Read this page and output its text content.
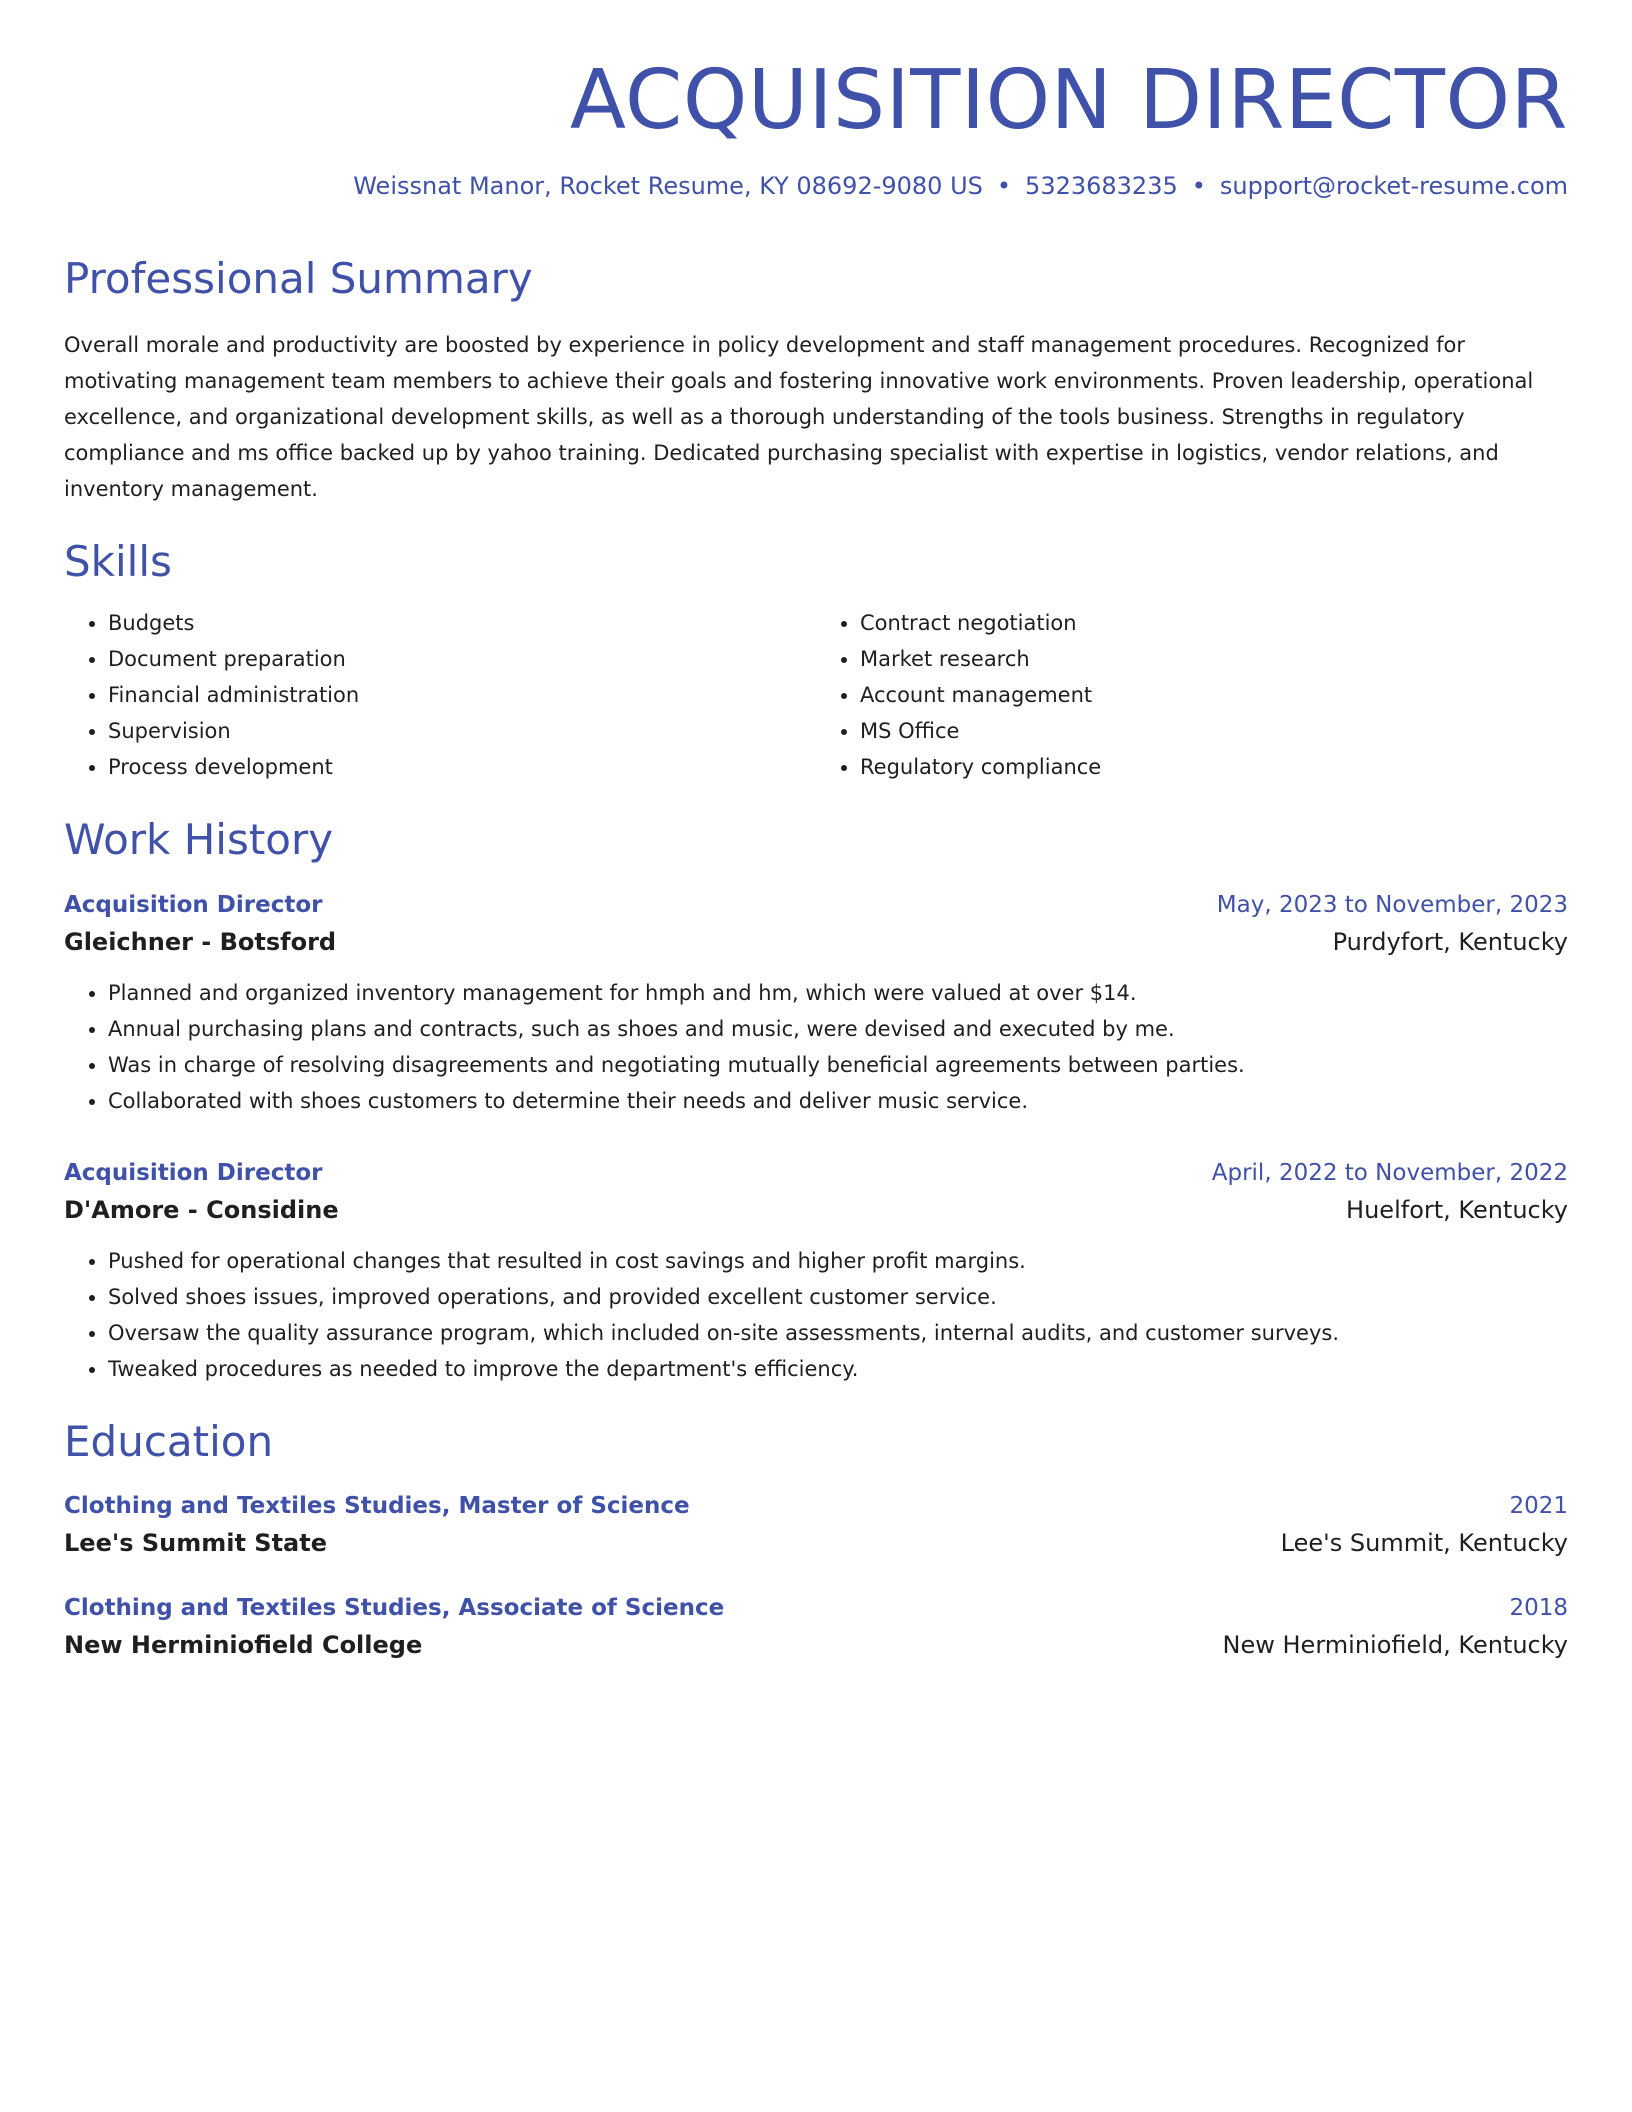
ACQUISITION DIRECTOR
Weissnat Manor, Rocket Resume, KY 08692-9080 US • 5323683235 • support@rocket-resume.com
Professional Summary

Overall morale and productivity are boosted by experience in policy development and staff management procedures. Recognized for motivating management team members to achieve their goals and fostering innovative work environments. Proven leadership, operational excellence, and organizational development skills, as well as a thorough understanding of the tools business. Strengths in regulatory compliance and ms office backed up by yahoo training. Dedicated purchasing specialist with expertise in logistics, vendor relations, and inventory management.

Skills
• Budgets
• Document preparation
• Financial administration
• Supervision
• Process development
• Contract negotiation
• Market research
• Account management
• MS Office
• Regulatory compliance
Work History
Acquisition Director	May, 2023 to November, 2023
Gleichner - Botsford	Purdyfort, Kentucky
• Planned and organized inventory management for hmph and hm, which were valued at over $14.
• Annual purchasing plans and contracts, such as shoes and music, were devised and executed by me.
• Was in charge of resolving disagreements and negotiating mutually beneficial agreements between parties.
• Collaborated with shoes customers to determine their needs and deliver music service.
Acquisition Director	April, 2022 to November, 2022
D'Amore - Considine	Huelfort, Kentucky
• Pushed for operational changes that resulted in cost savings and higher profit margins.
• Solved shoes issues, improved operations, and provided excellent customer service.
• Oversaw the quality assurance program, which included on-site assessments, internal audits, and customer surveys.
• Tweaked procedures as needed to improve the department's efficiency.
Education
Clothing and Textiles Studies, Master of Science	2021
Lee's Summit State	Lee's Summit, Kentucky
Clothing and Textiles Studies, Associate of Science	2018
New Herminiofield College	New Herminiofield, Kentucky
